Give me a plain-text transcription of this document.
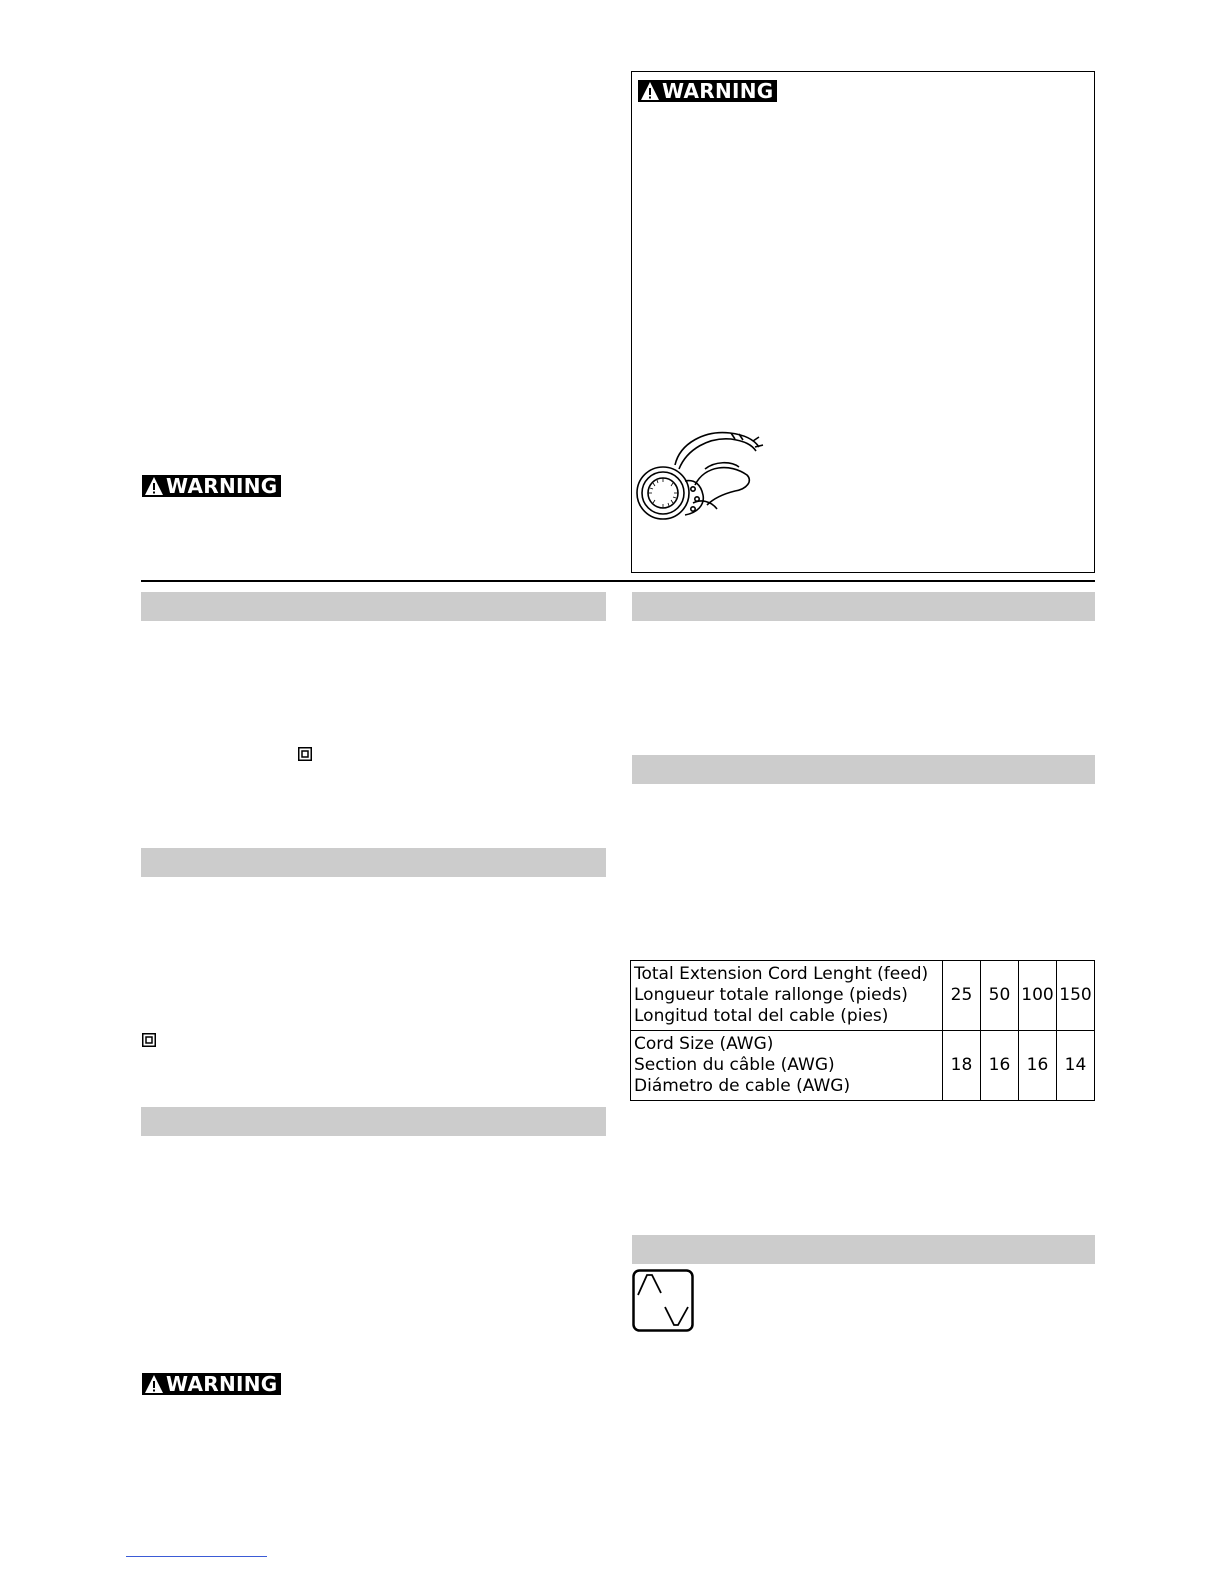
WARNING
WARNING
Total Extension Cord Lenght (feed)
Longueur totale rallonge (pieds)
Longitud total del cable (pies)	25	50	100	150

Cord Size (AWG)
Section du câble (AWG)
Diámetro de cable (AWG)	18	16	16	14
WARNING
